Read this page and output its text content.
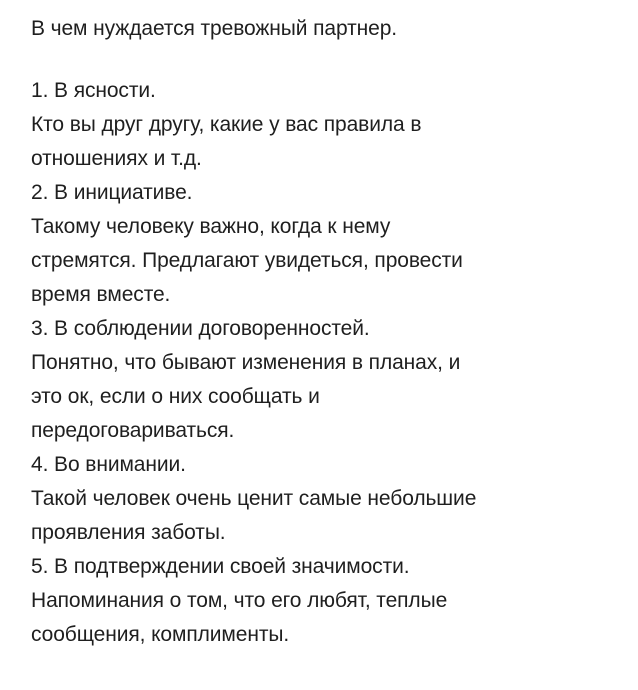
В чем нуждается тревожный партнер.
1. В ясности.
Кто вы друг другу, какие у вас правила в
отношениях и т.д.
2. В инициативе.
Такому человеку важно, когда к нему
стремятся. Предлагают увидеться, провести
время вместе.
3. В соблюдении договоренностей.
Понятно, что бывают изменения в планах, и
это ок, если о них сообщать и
передоговариваться.
4. Во внимании.
Такой человек очень ценит самые небольшие
проявления заботы.
5. В подтверждении своей значимости.
Напоминания о том, что его любят, теплые
сообщения, комплименты.
